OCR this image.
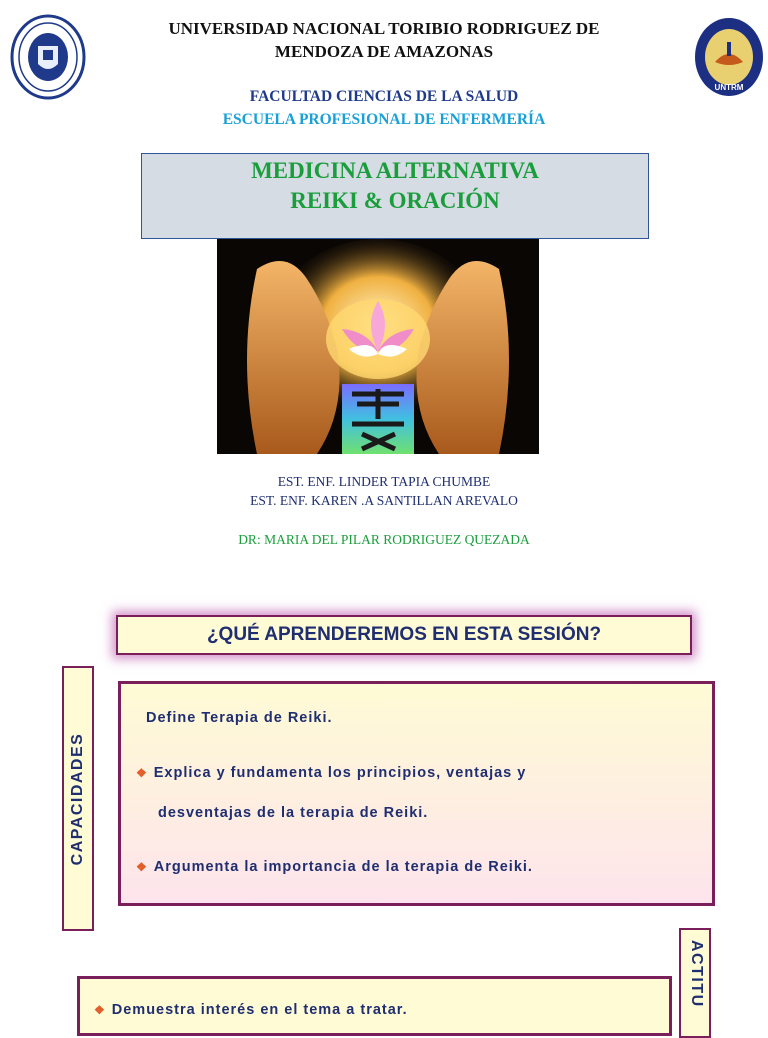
UNTRM
UNIVERSIDAD NACIONAL TORIBIO RODRIGUEZ DE
MENDOZA DE AMAZONAS
FACULTAD CIENCIAS DE LA SALUD
ESCUELA PROFESIONAL DE ENFERMERÍA
MEDICINA ALTERNATIVA
REIKI & ORACIÓN
EST. ENF. LINDER TAPIA CHUMBE
EST. ENF. KAREN .A SANTILLAN AREVALO
DR: MARIA DEL PILAR RODRIGUEZ QUEZADA
¿QUÉ APRENDEREMOS EN ESTA SESIÓN?
CAPACIDADES
Define Terapia de Reiki.
❖ Explica y fundamenta los principios, ventajas y
desventajas de la terapia de Reiki.
❖ Argumenta la importancia de la terapia de Reiki.
ACTITU
❖ Demuestra interés en el tema a tratar.
